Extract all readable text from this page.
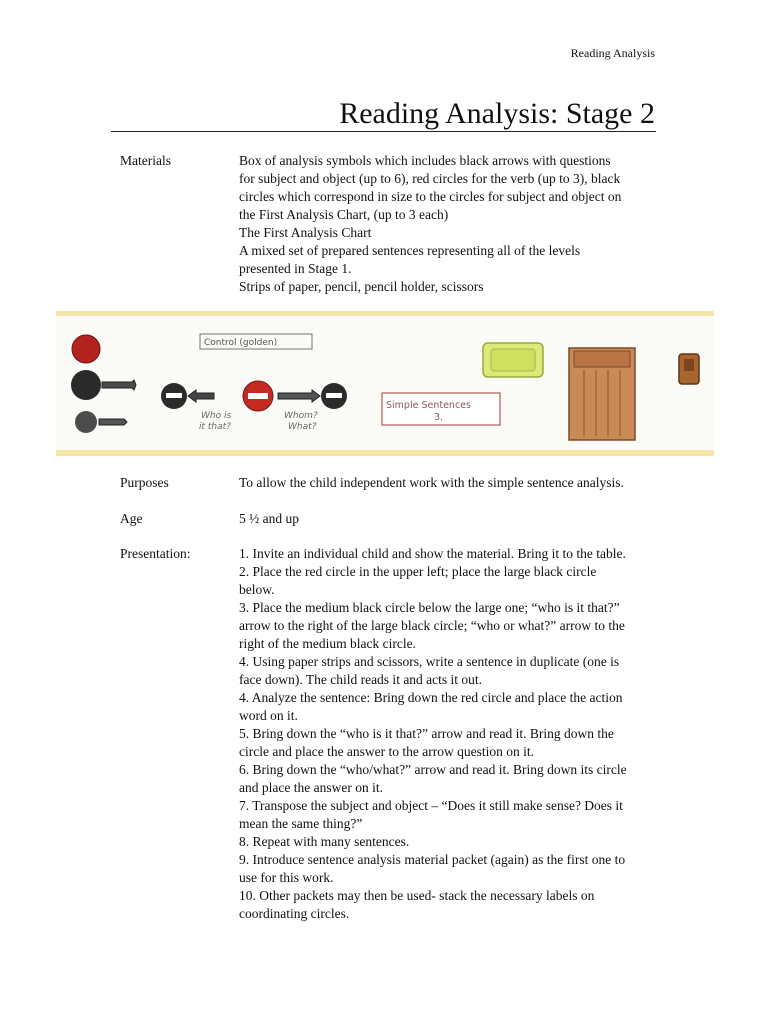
Reading Analysis
Reading Analysis: Stage 2
Materials	Box of analysis symbols which includes black arrows with questions
for subject and object (up to 6), red circles for the verb (up to 3), black
circles which correspond in size to the circles for subject and object on
the First Analysis Chart, (up to 3 each)
The First Analysis Chart
A mixed set of prepared sentences representing all of the levels
presented in Stage 1.
Strips of paper, pencil, pencil holder, scissors
Control (golden)
Who is
it that?
Whom?
What?
Simple Sentences
3.
Purposes	To allow the child independent work with the simple sentence analysis.
Age	5 ½ and up
Presentation:	1. Invite an individual child and show the material. Bring it to the table.
2. Place the red circle in the upper left; place the large black circle
below.
3. Place the medium black circle below the large one; “who is it that?”
arrow to the right of the large black circle; “who or what?” arrow to the
right of the medium black circle.
4. Using paper strips and scissors, write a sentence in duplicate (one is
face down). The child reads it and acts it out.
4. Analyze the sentence: Bring down the red circle and place the action
word on it.
5. Bring down the “who is it that?” arrow and read it. Bring down the
circle and place the answer to the arrow question on it.
6. Bring down the “who/what?” arrow and read it. Bring down its circle
and place the answer on it.
7. Transpose the subject and object – “Does it still make sense? Does it
mean the same thing?”
8. Repeat with many sentences.
9. Introduce sentence analysis material packet (again) as the first one to
use for this work.
10. Other packets may then be used- stack the necessary labels on
coordinating circles.
